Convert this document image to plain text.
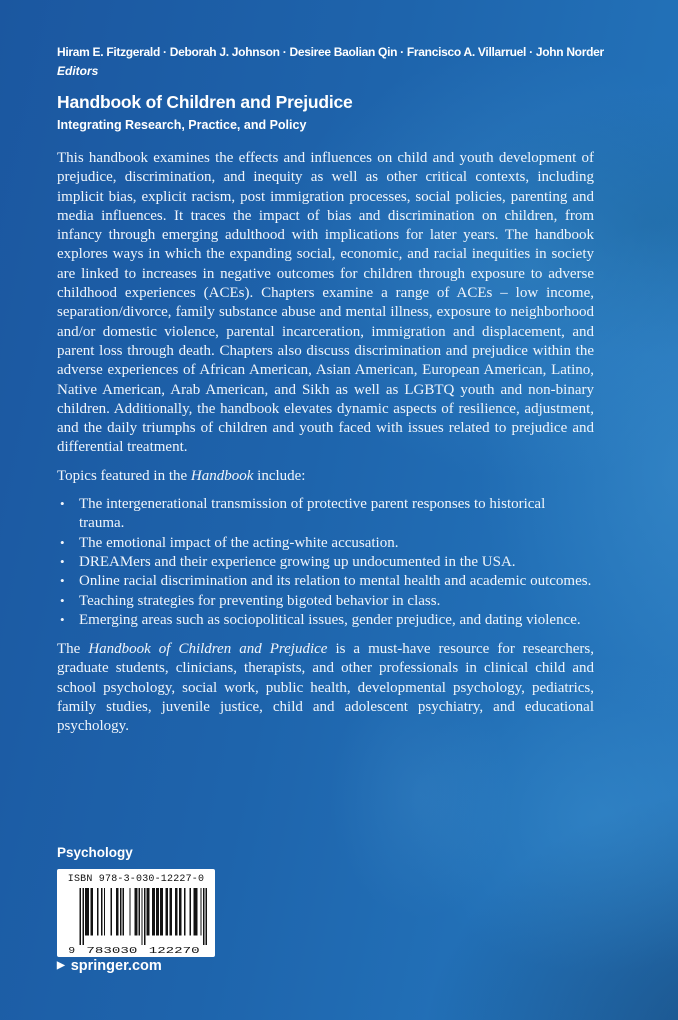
Hiram E. Fitzgerald · Deborah J. Johnson · Desiree Baolian Qin · Francisco A. Villarruel · John Norder
Editors
Handbook of Children and Prejudice
Integrating Research, Practice, and Policy

This handbook examines the effects and influences on child and youth development of prejudice, discrimination, and inequity as well as other critical contexts, including implicit bias, explicit racism, post immigration processes, social policies, parenting and media influences. It traces the impact of bias and discrimination on children, from infancy through emerging adulthood with implications for later years. The handbook explores ways in which the expanding social, economic, and racial inequities in society are linked to increases in negative outcomes for children through exposure to adverse childhood experiences (ACEs). Chapters examine a range of ACEs – low income, separation/divorce, family substance abuse and mental illness, exposure to neighborhood and/or domestic violence, parental incarceration, immigration and displacement, and parent loss through death. Chapters also discuss discrimination and prejudice within the adverse experiences of African American, Asian American, European American, Latino, Native American, Arab American, and Sikh as well as LGBTQ youth and non-binary children. Additionally, the handbook elevates dynamic aspects of resilience, adjustment, and the daily triumphs of children and youth faced with issues related to prejudice and differential treatment.

Topics featured in the Handbook include:

• The intergenerational transmission of protective parent responses to historical trauma.
• The emotional impact of the acting-white accusation.
• DREAMers and their experience growing up undocumented in the USA.
• Online racial discrimination and its relation to mental health and academic outcomes.
• Teaching strategies for preventing bigoted behavior in class.
• Emerging areas such as sociopolitical issues, gender prejudice, and dating violence.

The Handbook of Children and Prejudice is a must-have resource for researchers, graduate students, clinicians, therapists, and other professionals in clinical child and school psychology, social work, public health, developmental psychology, pediatrics, family studies, juvenile justice, child and adolescent psychiatry, and educational psychology.

Psychology
ISBN 978-3-030-12227-0
9 783030 122270
▶ springer.com
